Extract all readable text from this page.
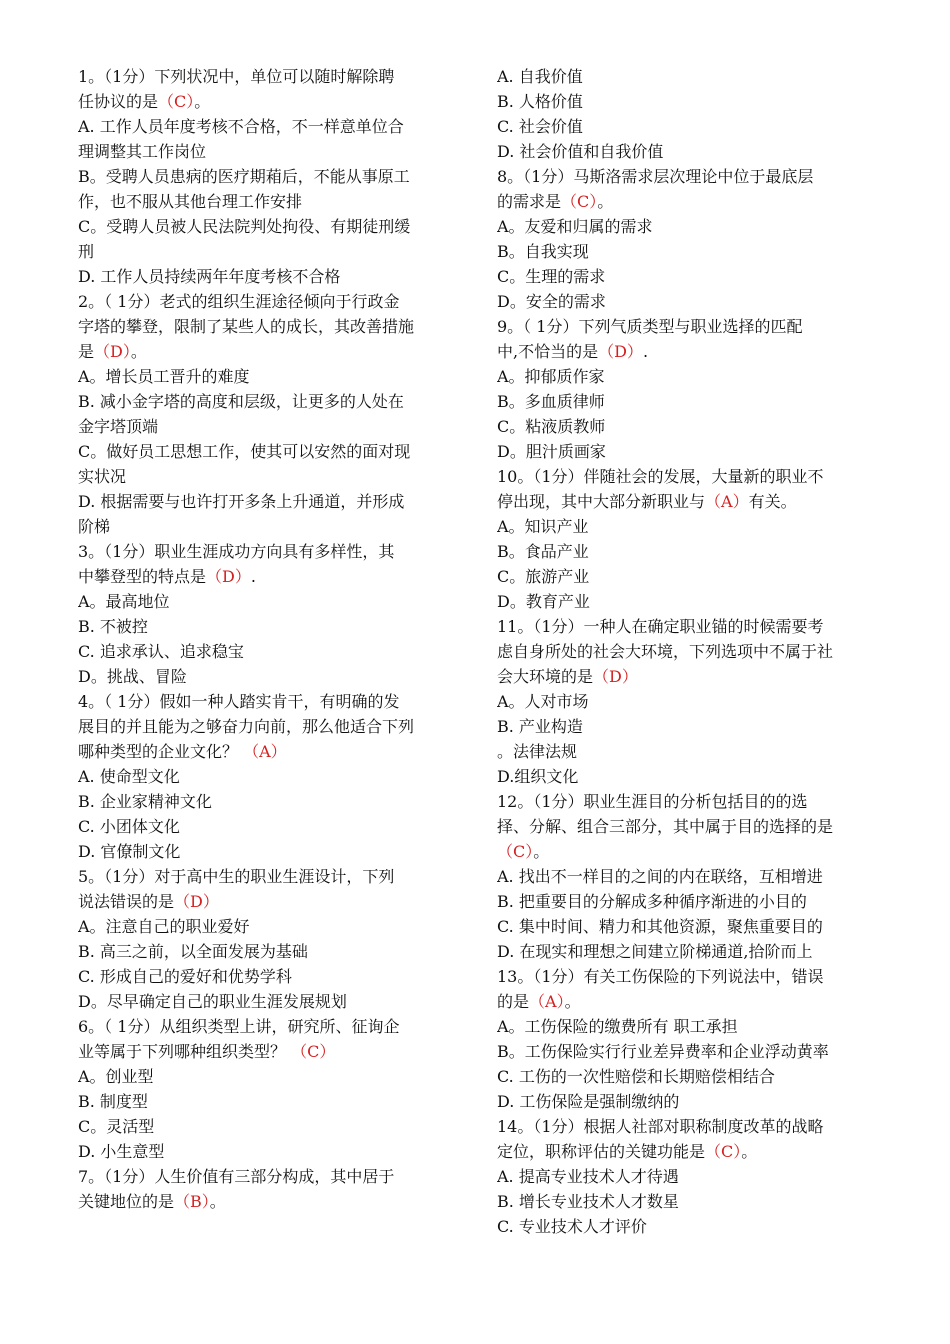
1。（1分）下列状况中，单位可以随时解除聘
任协议的是（C）。
A. 工作人员年度考核不合格，不一样意单位合
理调整其工作岗位
B。受聘人员患病的医疗期葙后，不能从事原工
作，也不服从其他台理工作安排
C。受聘人员被人民法院判处拘役、有期徒刑缓
刑
D. 工作人员持续两年年度考核不合格
2。（ 1分）老式的组织生涯途径倾向于行政金
字塔的攀登，限制了某些人的成长，其改善措施
是（D）。
A。增长员工晋升的难度
B. 减小金字塔的高度和层级，让更多的人处在
金字塔顶端
C。做好员工思想工作，使其可以安然的面对现
实状况
D. 根据需要与也许打开多条上升通道，并形成
阶梯
3。（1分）职业生涯成功方向具有多样性，其
中攀登型的特点是（D）.
A。最高地位
B. 不被控
C. 追求承认、追求稳宝
D。挑战、冒险
4。（ 1分）假如一种人踏实肯干，有明确的发
展目的并且能为之够奋力向前，那么他适合下列
哪种类型的企业文化？ （A）
A. 使命型文化
B. 企业家精神文化
C. 小团体文化
D. 官僚制文化
5。（1分）对于高中生的职业生涯设计，下列
说法错误的是（D）
A。注意自己的职业爱好
B. 高三之前，以全面发展为基础
C. 形成自己的爱好和优势学科
D。尽早确定自己的职业生涯发展规划
6。（ 1分）从组织类型上讲，研究所、征询企
业等属于下列哪种组织类型？ （C）
A。创业型
B. 制度型
C。灵活型
D. 小生意型
7。（1分）人生价值有三部分构成，其中居于
关键地位的是（B）。
A. 自我价值
B. 人格价值
C. 社会价值
D. 社会价值和自我价值
8。（1分）马斯洛需求层次理论中位于最底层
的需求是（C）。
A。友爱和归属的需求
B。自我实现
C。生理的需求
D。安全的需求
9。（ 1分）下列气质类型与职业选择的匹配
中,不恰当的是（D）.
A。抑郁质作家
B。多血质律师
C。粘液质教师
D。胆汁质画家
10。（1分）伴随社会的发展，大量新的职业不
停出现，其中大部分新职业与（A）有关。
A。知识产业
B。食品产业
C。旅游产业
D。教育产业
11。（1分）一种人在确定职业锚的时候需要考
虑自身所处的社会大环境，下列选项中不属于社
会大环境的是（D）
A。人对市场
B. 产业构造
。法律法规
D.组织文化
12。（1分）职业生涯目的分析包括目的的选
择、分解、组合三部分，其中属于目的选择的是
（C）。
A. 找出不一样目的之间的内在联络，互相增进
B. 把重要目的分解成多种循序渐进的小目的
C. 集中时间、精力和其他资源，聚焦重要目的
D. 在现实和理想之间建立阶梯通道,拾阶而上
13。（1分）有关工伤保险的下列说法中，错误
的是（A）。
A。工伤保险的缴费所有 职工承担
B。工伤保险实行行业差异费率和企业浮动黄率
C. 工伤的一次性赔偿和长期赔偿相结合
D. 工伤保险是强制缴纳的
14。（1分）根据人社部对职称制度改革的战略
定位，职称评估的关键功能是（C）。
A. 提高专业技术人才待遇
B. 增长专业技术人才数星
C. 专业技术人才评价
